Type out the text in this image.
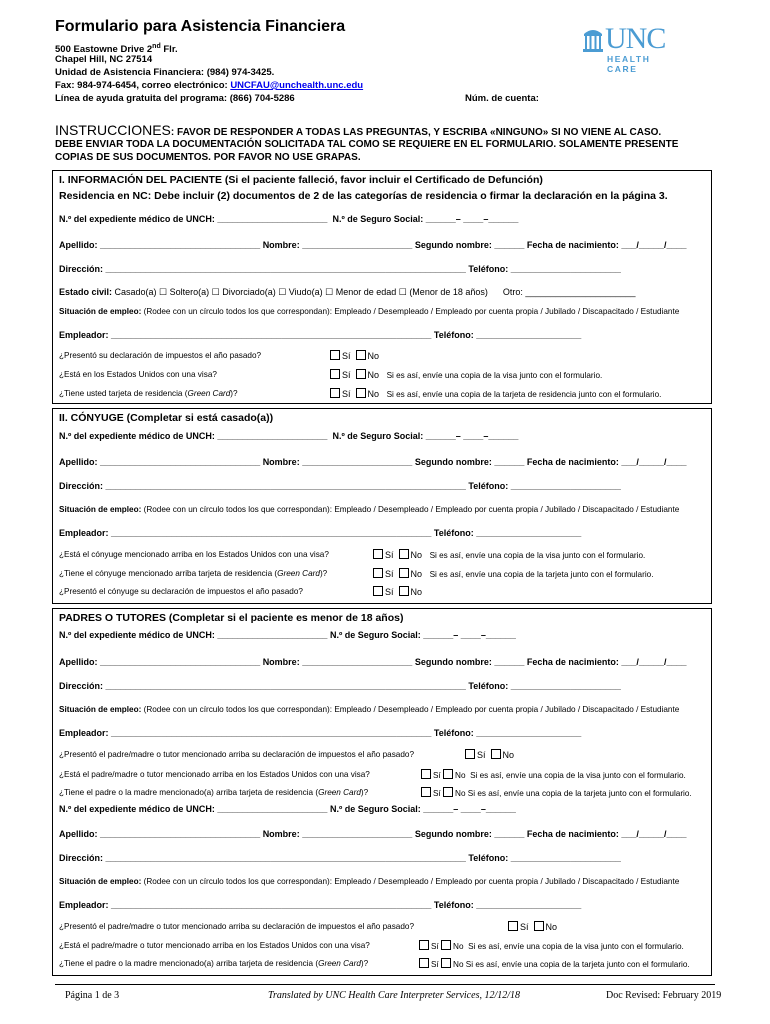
Formulario para Asistencia Financiera
500 Eastowne Drive 2nd Flr.
Chapel Hill, NC 27514
Unidad de Asistencia Financiera: (984) 974-3425.
Fax: 984-974-6454, correo electrónico: UNCFAU@unchealth.unc.edu
Línea de ayuda gratuita del programa: (866) 704-5286	Núm. de cuenta:
UNC
HEALTH CARE
INSTRUCCIONES: FAVOR DE RESPONDER A TODAS LAS PREGUNTAS, Y ESCRIBA «NINGUNO» SI NO VIENE AL CASO.
DEBE ENVIAR TODA LA DOCUMENTACIÓN SOLICITADA TAL COMO SE REQUIERE EN EL FORMULARIO. SOLAMENTE PRESENTE
COPIAS DE SUS DOCUMENTOS. POR FAVOR NO USE GRAPAS.
I. INFORMACIÓN DEL PACIENTE (Si el paciente falleció, favor incluir el Certificado de Defunción)
Residencia en NC: Debe incluir (2) documentos de 2 de las categorías de residencia o firmar la declaración en la página 3.
N.º del expediente médico de UNCH: ______________________ N.º de Seguro Social: ______– ____–______
Apellido: ________________________________ Nombre: ______________________ Segundo nombre: ______ Fecha de nacimiento: ___/_____/____
Dirección: ________________________________________________________________________ Teléfono: ______________________
Estado civil: Casado(a) ☐ Soltero(a) ☐ Divorciado(a) ☐ Viudo(a) ☐ Menor de edad ☐ (Menor de 18 años) Otro: ______________________
Situación de empleo: (Rodee con un círculo todos los que correspondan): Empleado / Desempleado / Empleado por cuenta propia / Jubilado / Discapacitado / Estudiante
Empleador: ________________________________________________________________ Teléfono: _____________________
¿Presentó su declaración de impuestos el año pasado?	Sí No
¿Está en los Estados Unidos con una visa?	Sí No Si es así, envíe una copia de la visa junto con el formulario.
¿Tiene usted tarjeta de residencia (Green Card)?	Sí No Si es así, envíe una copia de la tarjeta de residencia junto con el formulario.
II. CÓNYUGE (Completar si está casado(a))
N.º del expediente médico de UNCH: ______________________ N.º de Seguro Social: ______– ____–______
Apellido: ________________________________ Nombre: ______________________ Segundo nombre: ______ Fecha de nacimiento: ___/_____/____
Dirección: ________________________________________________________________________ Teléfono: ______________________
Situación de empleo: (Rodee con un círculo todos los que correspondan): Empleado / Desempleado / Empleado por cuenta propia / Jubilado / Discapacitado / Estudiante
Empleador: ________________________________________________________________ Teléfono: _____________________
¿Está el cónyuge mencionado arriba en los Estados Unidos con una visa?	Sí No Si es así, envíe una copia de la visa junto con el formulario.
¿Tiene el cónyuge mencionado arriba tarjeta de residencia (Green Card)?	Sí No Si es así, envíe una copia de la tarjeta junto con el formulario.
¿Presentó el cónyuge su declaración de impuestos el año pasado?	Sí No
PADRES O TUTORES (Completar si el paciente es menor de 18 años)
N.º del expediente médico de UNCH: ______________________ N.º de Seguro Social: ______– ____–______
Apellido: ________________________________ Nombre: ______________________ Segundo nombre: ______ Fecha de nacimiento: ___/_____/____
Dirección: ________________________________________________________________________ Teléfono: ______________________
Situación de empleo: (Rodee con un círculo todos los que correspondan): Empleado / Desempleado / Empleado por cuenta propia / Jubilado / Discapacitado / Estudiante
Empleador: ________________________________________________________________ Teléfono: _____________________
¿Presentó el padre/madre o tutor mencionado arriba su declaración de impuestos el año pasado?	Sí No
¿Está el padre/madre o tutor mencionado arriba en los Estados Unidos con una visa?	Sí No Si es así, envíe una copia de la visa junto con el formulario.
¿Tiene el padre o la madre mencionado(a) arriba tarjeta de residencia (Green Card)?	Sí No Si es así, envíe una copia de la tarjeta junto con el formulario.
N.º del expediente médico de UNCH: ______________________ N.º de Seguro Social: ______– ____–______
Apellido: ________________________________ Nombre: ______________________ Segundo nombre: ______ Fecha de nacimiento: ___/_____/____
Dirección: ________________________________________________________________________ Teléfono: ______________________
Situación de empleo: (Rodee con un círculo todos los que correspondan): Empleado / Desempleado / Empleado por cuenta propia / Jubilado / Discapacitado / Estudiante
Empleador: ________________________________________________________________ Teléfono: _____________________
¿Presentó el padre/madre o tutor mencionado arriba su declaración de impuestos el año pasado?	Sí No
¿Está el padre/madre o tutor mencionado arriba en los Estados Unidos con una visa?	Sí No Si es así, envíe una copia de la visa junto con el formulario.
¿Tiene el padre o la madre mencionado(a) arriba tarjeta de residencia (Green Card)?	Sí No Si es así, envíe una copia de la tarjeta junto con el formulario.
Página 1 de 3	Translated by UNC Health Care Interpreter Services, 12/12/18	Doc Revised: February 2019
